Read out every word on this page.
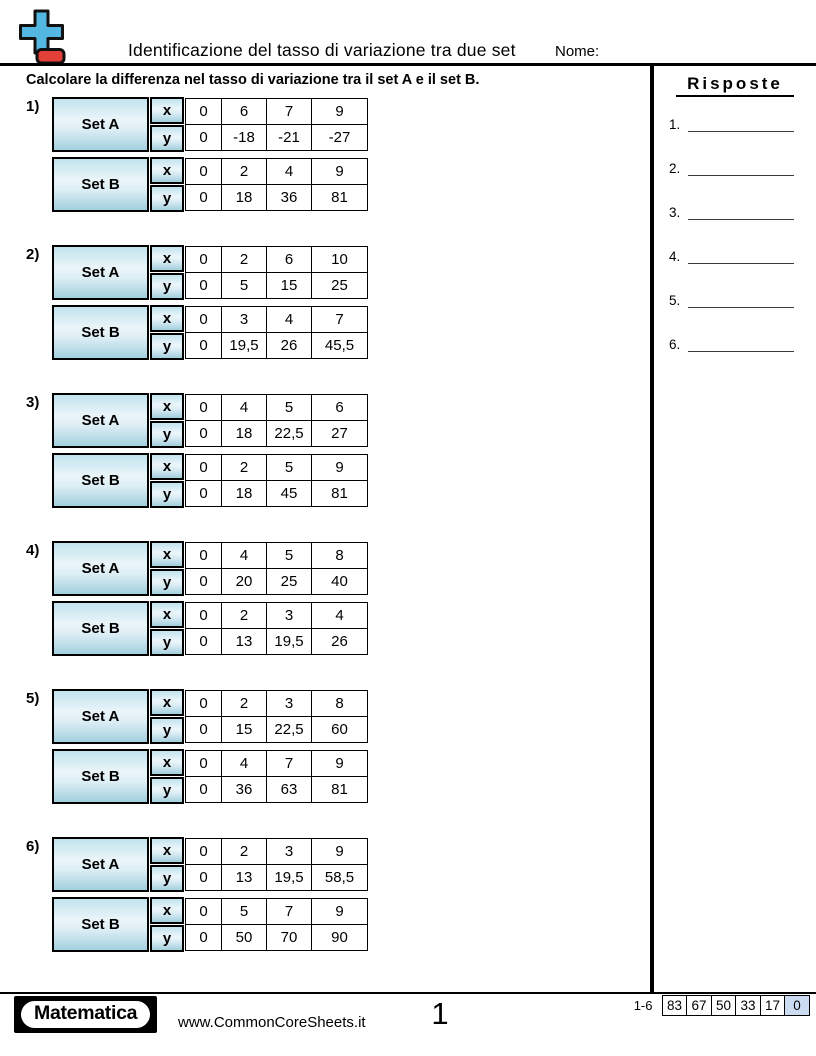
Identificazione del tasso di variazione tra due set	Nome:
Calcolare la differenza nel tasso di variazione tra il set A e il set B.
1)
Set A
x
y
0	6	7	9
0	-18	-21	-27
Set B
x
y
0	2	4	9
0	18	36	81
2)
Set A
x
y
0	2	6	10
0	5	15	25
Set B
x
y
0	3	4	7
0	19,5	26	45,5
3)
Set A
x
y
0	4	5	6
0	18	22,5	27
Set B
x
y
0	2	5	9
0	18	45	81
4)
Set A
x
y
0	4	5	8
0	20	25	40
Set B
x
y
0	2	3	4
0	13	19,5	26
5)
Set A
x
y
0	2	3	8
0	15	22,5	60
Set B
x
y
0	4	7	9
0	36	63	81
6)
Set A
x
y
0	2	3	9
0	13	19,5	58,5
Set B
x
y
0	5	7	9
0	50	70	90
Risposte
1.
2.
3.
4.
5.
6.
Matematica	www.CommonCoreSheets.it	1	1-6	83 67 50 33 17 0
